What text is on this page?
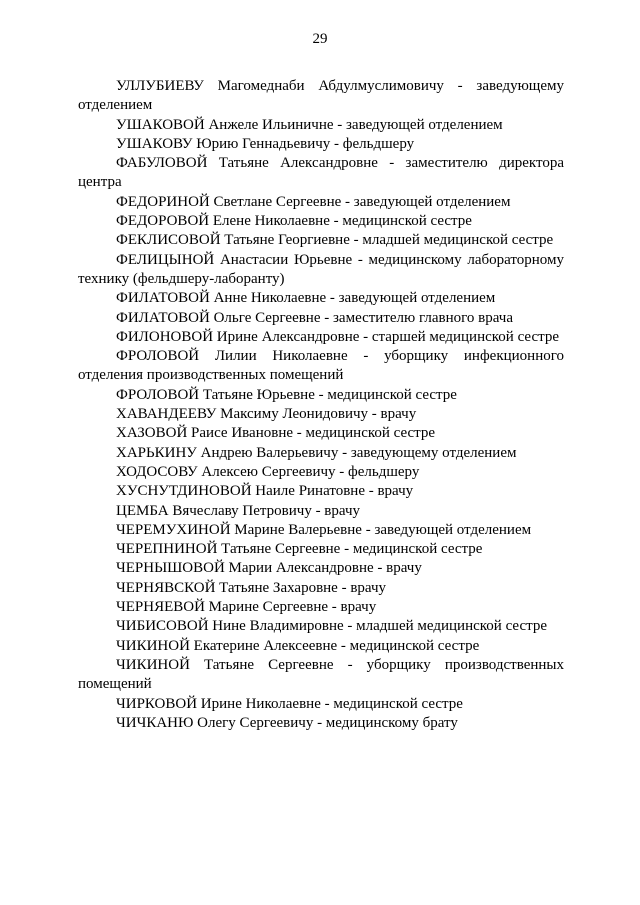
29
УЛЛУБИЕВУ Магомеднаби Абдулмуслимовичу - заведующему отделением
УШАКОВОЙ Анжеле Ильиничне - заведующей отделением
УШАКОВУ Юрию Геннадьевичу - фельдшеру
ФАБУЛОВОЙ Татьяне Александровне - заместителю директора центра
ФЕДОРИНОЙ Светлане Сергеевне - заведующей отделением
ФЕДОРОВОЙ Елене Николаевне - медицинской сестре
ФЕКЛИСОВОЙ Татьяне Георгиевне - младшей медицинской сестре
ФЕЛИЦЫНОЙ Анастасии Юрьевне - медицинскому лабораторному технику (фельдшеру-лаборанту)
ФИЛАТОВОЙ Анне Николаевне - заведующей отделением
ФИЛАТОВОЙ Ольге Сергеевне - заместителю главного врача
ФИЛОНОВОЙ Ирине Александровне - старшей медицинской сестре
ФРОЛОВОЙ Лилии Николаевне - уборщику инфекционного отделения производственных помещений
ФРОЛОВОЙ Татьяне Юрьевне - медицинской сестре
ХАВАНДЕЕВУ Максиму Леонидовичу - врачу
ХАЗОВОЙ Раисе Ивановне - медицинской сестре
ХАРЬКИНУ Андрею Валерьевичу - заведующему отделением
ХОДОСОВУ Алексею Сергеевичу - фельдшеру
ХУСНУТДИНОВОЙ Наиле Ринатовне - врачу
ЦЕМБА Вячеславу Петровичу - врачу
ЧЕРЕМУХИНОЙ Марине Валерьевне - заведующей отделением
ЧЕРЕПНИНОЙ Татьяне Сергеевне - медицинской сестре
ЧЕРНЫШОВОЙ Марии Александровне - врачу
ЧЕРНЯВСКОЙ Татьяне Захаровне - врачу
ЧЕРНЯЕВОЙ Марине Сергеевне - врачу
ЧИБИСОВОЙ Нине Владимировне - младшей медицинской сестре
ЧИКИНОЙ Екатерине Алексеевне - медицинской сестре
ЧИКИНОЙ Татьяне Сергеевне - уборщику производственных помещений
ЧИРКОВОЙ Ирине Николаевне - медицинской сестре
ЧИЧКАНЮ Олегу Сергеевичу - медицинскому брату
